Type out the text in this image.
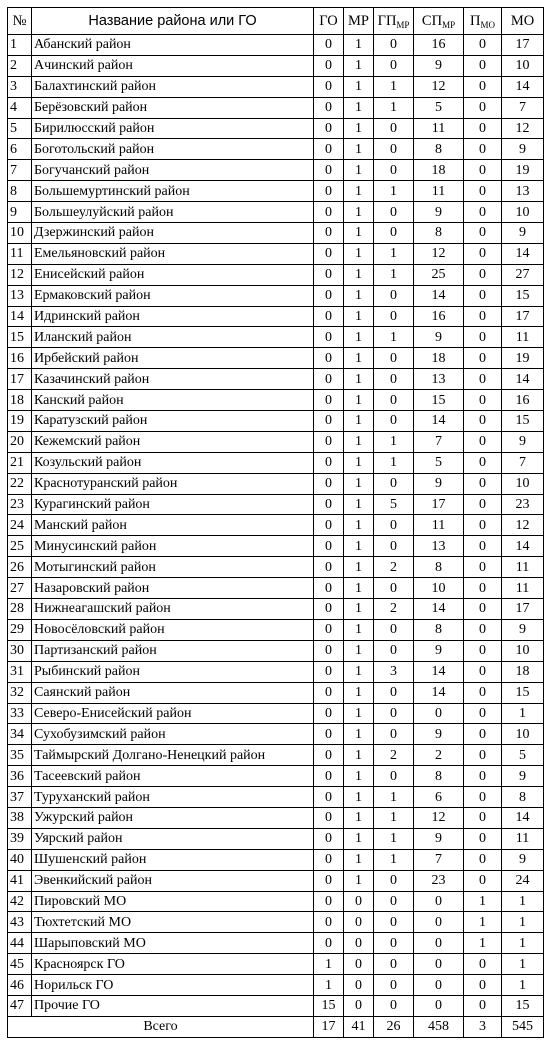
№	Название района или ГО	ГО	МР	$ГП_{МР}$	$СП_{МР}$	$П_{МО}$	МО
1	Абанский район	0	1	0	16	0	17
2	Ачинский район	0	1	0	9	0	10
3	Балахтинский район	0	1	1	12	0	14
4	Берёзовский район	0	1	1	5	0	7
5	Бирилюсский район	0	1	0	11	0	12
6	Боготольский район	0	1	0	8	0	9
7	Богучанский район	0	1	0	18	0	19
8	Большемуртинский район	0	1	1	11	0	13
9	Большеулуйский район	0	1	0	9	0	10
10	Дзержинский район	0	1	0	8	0	9
11	Емельяновский район	0	1	1	12	0	14
12	Енисейский район	0	1	1	25	0	27
13	Ермаковский район	0	1	0	14	0	15
14	Идринский район	0	1	0	16	0	17
15	Иланский район	0	1	1	9	0	11
16	Ирбейский район	0	1	0	18	0	19
17	Казачинский район	0	1	0	13	0	14
18	Канский район	0	1	0	15	0	16
19	Каратузский район	0	1	0	14	0	15
20	Кежемский район	0	1	1	7	0	9
21	Козульский район	0	1	1	5	0	7
22	Краснотуранский район	0	1	0	9	0	10
23	Курагинский район	0	1	5	17	0	23
24	Манский район	0	1	0	11	0	12
25	Минусинский район	0	1	0	13	0	14
26	Мотыгинский район	0	1	2	8	0	11
27	Назаровский район	0	1	0	10	0	11
28	Нижнеагашский район	0	1	2	14	0	17
29	Новосёловский район	0	1	0	8	0	9
30	Партизанский район	0	1	0	9	0	10
31	Рыбинский район	0	1	3	14	0	18
32	Саянский район	0	1	0	14	0	15
33	Северо-Енисейский район	0	1	0	0	0	1
34	Сухобузимский район	0	1	0	9	0	10
35	Таймырский Долгано-Ненецкий район	0	1	2	2	0	5
36	Тасеевский район	0	1	0	8	0	9
37	Туруханский район	0	1	1	6	0	8
38	Ужурский район	0	1	1	12	0	14
39	Уярский район	0	1	1	9	0	11
40	Шушенский район	0	1	1	7	0	9
41	Эвенкийский район	0	1	0	23	0	24
42	Пировский МО	0	0	0	0	1	1
43	Тюхтетский МО	0	0	0	0	1	1
44	Шарыповский МО	0	0	0	0	1	1
45	Красноярск ГО	1	0	0	0	0	1
46	Норильск ГО	1	0	0	0	0	1
47	Прочие ГО	15	0	0	0	0	15
Всего		17	41	26	458	3	545
